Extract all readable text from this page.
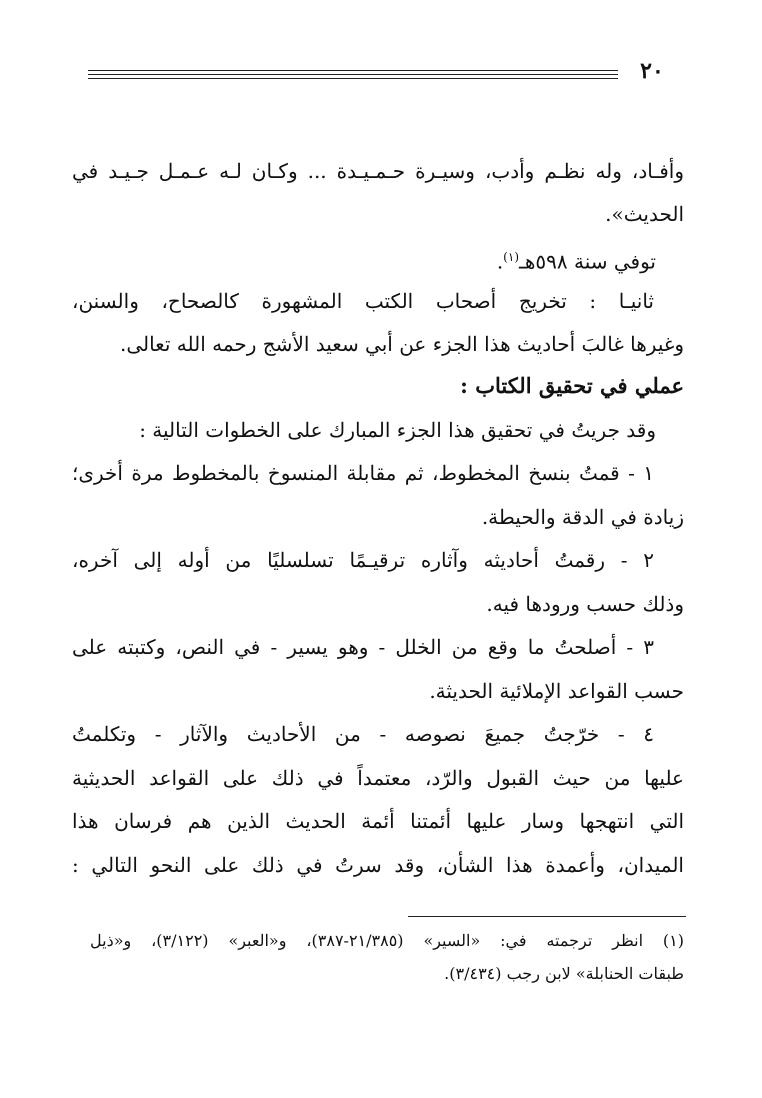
٢٠
وأفـاد، وله نظـم وأدب، وسيـرة حـمـيـدة ... وكـان لـه عـمـل جـيـد في
الحديث».
توفي سنة ٥٩٨هـ$^{(١)}$.
ثانيـا : تخريج أصحاب الكتب المشهورة كالصحاح، والسنن،
وغيرها غالبَ أحاديث هذا الجزء عن أبي سعيد الأشج رحمه الله تعالى.
عملي في تحقيق الكتاب :
وقد جريتُ في تحقيق هذا الجزء المبارك على الخطوات التالية :
١ - قمتُ بنسخ المخطوط، ثم مقابلة المنسوخ بالمخطوط مرة أخرى؛
زيادة في الدقة والحيطة.
٢ - رقمتُ أحاديثه وآثاره ترقيـمًا تسلسليًا من أوله إلى آخره،
وذلك حسب ورودها فيه.
٣ - أصلحتُ ما وقع من الخلل - وهو يسير - في النص، وكتبته على
حسب القواعد الإملائية الحديثة.
٤ - خرّجتُ جميعَ نصوصه - من الأحاديث والآثار - وتكلمتُ
عليها من حيث القبول والرّد، معتمداً في ذلك على القواعد الحديثية
التي انتهجها وسار عليها أئمتنا أئمة الحديث الذين هم فرسان هذا
الميدان، وأعمدة هذا الشأن، وقد سرتُ في ذلك على النحو التالي :
(١) انظر ترجمته في: «السير» (٢١/٣٨٥-٣٨٧)، و«العبر» (٣/١٢٢)، و«ذيل
طبقات الحنابلة» لابن رجب (٣/٤٣٤).
